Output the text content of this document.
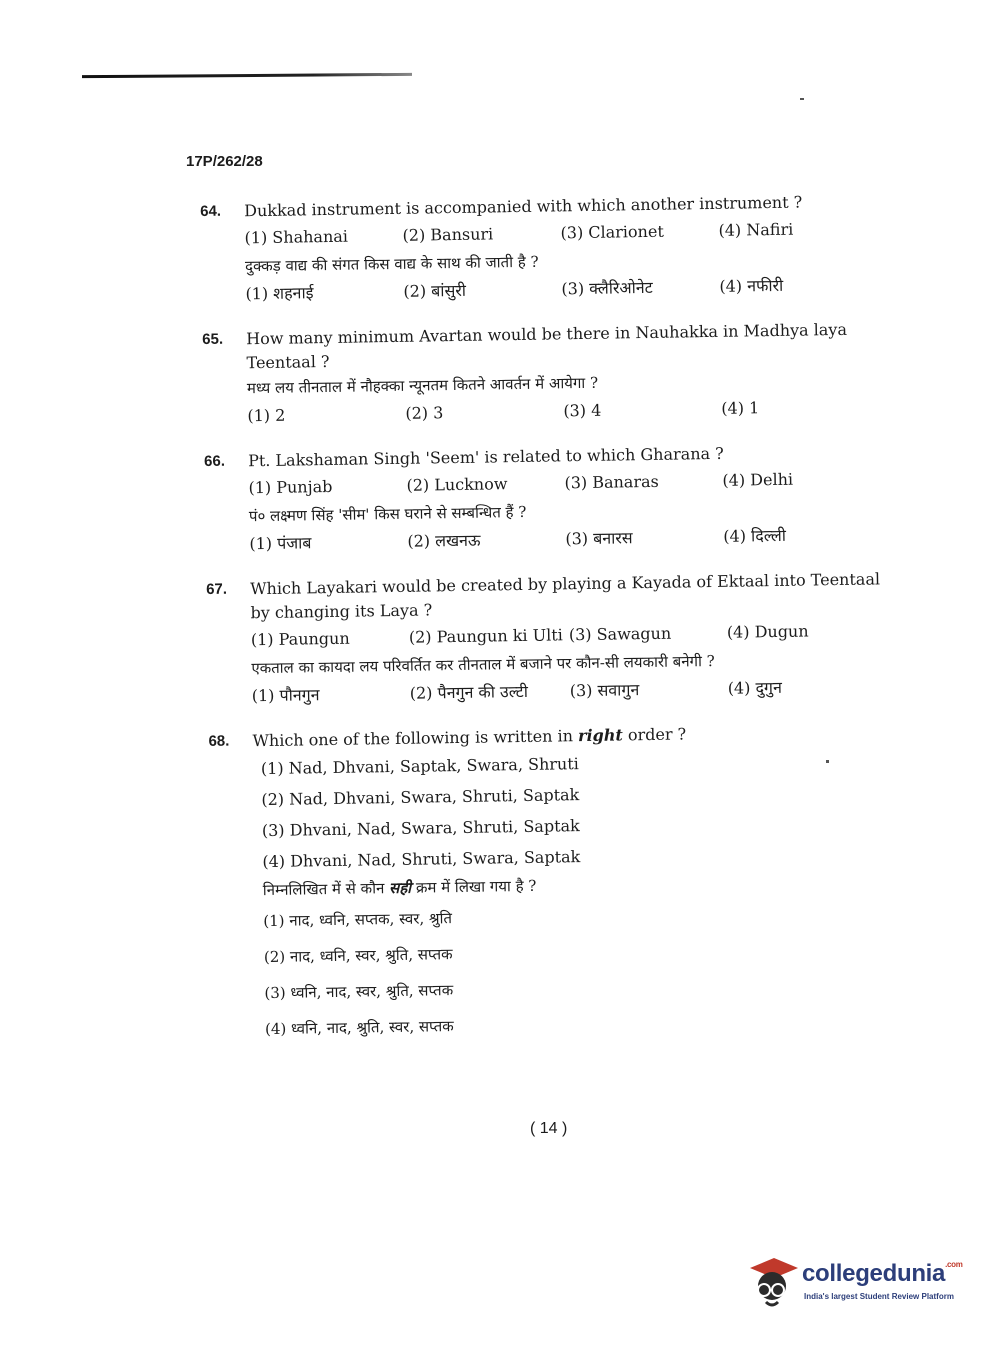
17P/262/28
64.	Dukkad instrument is accompanied with which another instrument ?
(1) Shahanai	(2) Bansuri	(3) Clarionet	(4) Nafiri
दुक्कड़ वाद्य की संगत किस वाद्य के साथ की जाती है ?
(1) शहनाई	(2) बांसुरी	(3) क्लैरिओनेट	(4) नफीरी
65.	How many minimum Avartan would be there in Nauhakka in Madhya laya Teentaal ?
मध्य लय तीनताल में नौहक्का न्यूनतम कितने आवर्तन में आयेगा ?
(1) 2	(2) 3	(3) 4	(4) 1
66.	Pt. Lakshaman Singh 'Seem' is related to which Gharana ?
(1) Punjab	(2) Lucknow	(3) Banaras	(4) Delhi
पं० लक्ष्मण सिंह 'सीम' किस घराने से सम्बन्धित हैं ?
(1) पंजाब	(2) लखनऊ	(3) बनारस	(4) दिल्ली
67.	Which Layakari would be created by playing a Kayada of Ektaal into Teentaal by changing its Laya ?
(1) Paungun	(2) Paungun ki Ulti (3) Sawagun	(4) Dugun
एकताल का कायदा लय परिवर्तित कर तीनताल में बजाने पर कौन-सी लयकारी बनेगी ?
(1) पौनगुन	(2) पैनगुन की उल्टी	(3) सवागुन	(4) दुगुन
68.	Which one of the following is written in right order ?
(1) Nad, Dhvani, Saptak, Swara, Shruti
(2) Nad, Dhvani, Swara, Shruti, Saptak
(3) Dhvani, Nad, Swara, Shruti, Saptak
(4) Dhvani, Nad, Shruti, Swara, Saptak
निम्नलिखित में से कौन सही क्रम में लिखा गया है ?
(1) नाद, ध्वनि, सप्तक, स्वर, श्रुति
(2) नाद, ध्वनि, स्वर, श्रुति, सप्तक
(3) ध्वनि, नाद, स्वर, श्रुति, सप्तक
(4) ध्वनि, नाद, श्रुति, स्वर, सप्तक
( 14 )
collegedunia$^{.com}$
India's largest Student Review Platform
